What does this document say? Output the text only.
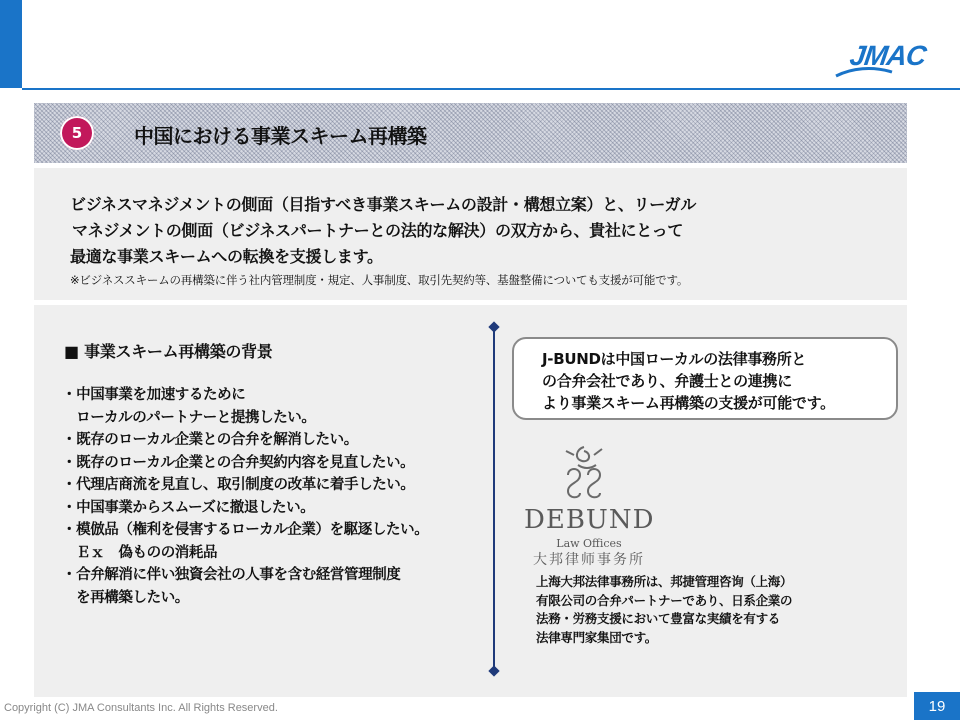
JMAC
5	中国における事業スキーム再構築
ビジネスマネジメントの側面（目指すべき事業スキームの設計・構想立案）と、リーガル
マネジメントの側面（ビジネスパートナーとの法的な解決）の双方から、貴社にとって
最適な事業スキームへの転換を支援します。
※ビジネススキームの再構築に伴う社内管理制度・規定、人事制度、取引先契約等、基盤整備についても支援が可能です。
■ 事業スキーム再構築の背景
・中国事業を加速するために
　ローカルのパートナーと提携したい。
・既存のローカル企業との合弁を解消したい。
・既存のローカル企業との合弁契約内容を見直したい。
・代理店商流を見直し、取引制度の改革に着手したい。
・中国事業からスムーズに撤退したい。
・模倣品（権利を侵害するローカル企業）を駆逐したい。
　Ｅｘ　偽ものの消耗品
・合弁解消に伴い独資会社の人事を含む経営管理制度
　を再構築したい。
J-BUNDは中国ローカルの法律事務所と
の合弁会社であり、弁護士との連携に
より事業スキーム再構築の支援が可能です。
DEBUND
Law Offices
大邦律师事务所
上海大邦法律事務所は、邦捷管理咨询（上海）
有限公司の合弁パートナーであり、日系企業の
法務・労務支援において豊富な実績を有する
法律専門家集団です。
Copyright (C) JMA Consultants Inc. All Rights Reserved.	19
